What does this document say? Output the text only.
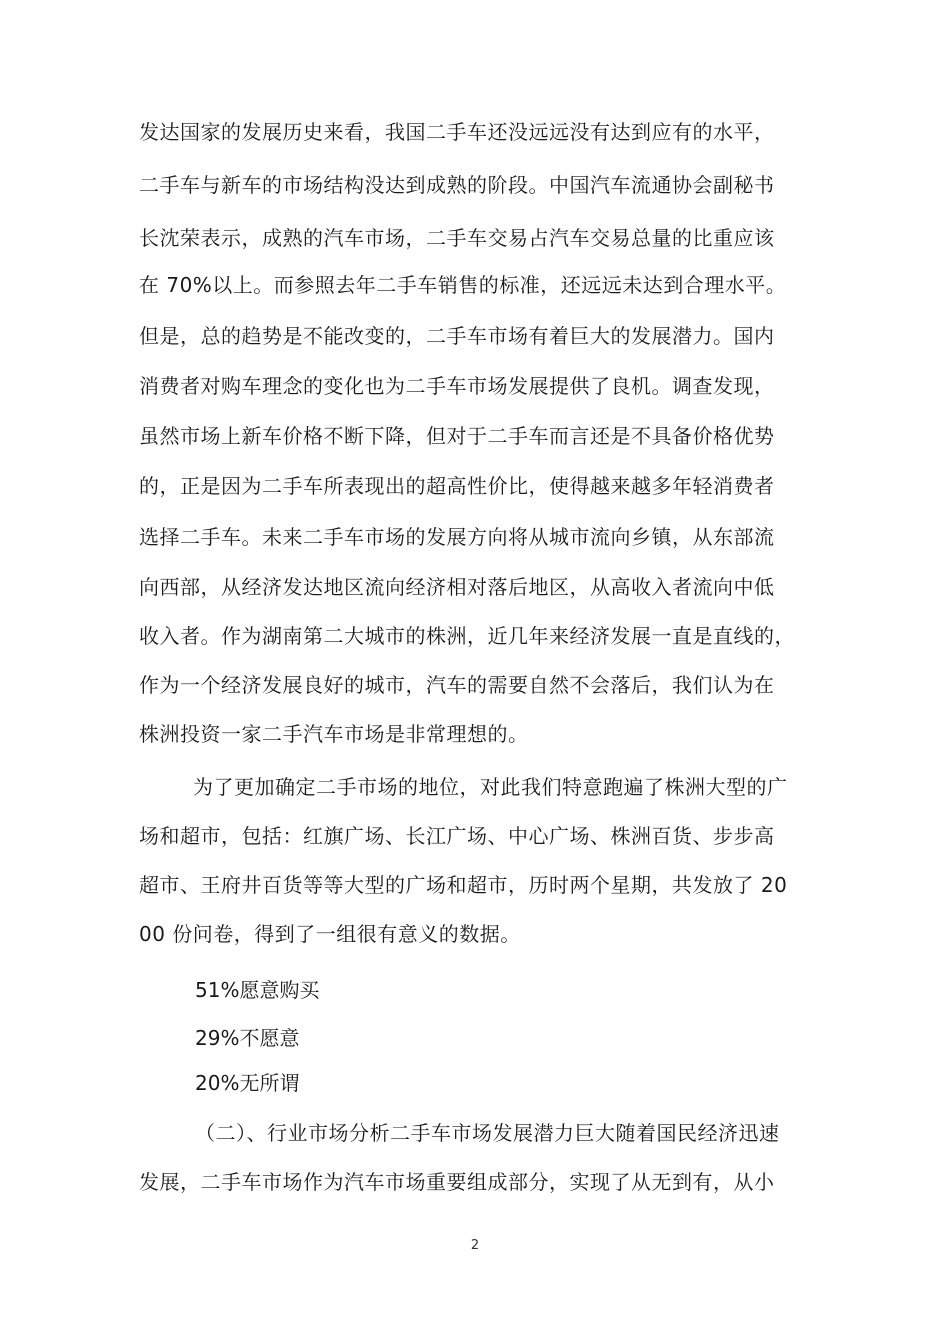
发达国家的发展历史来看，我国二手车还没远远没有达到应有的水平，
二手车与新车的市场结构没达到成熟的阶段。中国汽车流通协会副秘书
长沈荣表示，成熟的汽车市场，二手车交易占汽车交易总量的比重应该
在 70%以上。而参照去年二手车销售的标准，还远远未达到合理水平。
但是，总的趋势是不能改变的，二手车市场有着巨大的发展潜力。国内
消费者对购车理念的变化也为二手车市场发展提供了良机。调查发现，
虽然市场上新车价格不断下降，但对于二手车而言还是不具备价格优势
的，正是因为二手车所表现出的超高性价比，使得越来越多年轻消费者
选择二手车。未来二手车市场的发展方向将从城市流向乡镇，从东部流
向西部，从经济发达地区流向经济相对落后地区，从高收入者流向中低
收入者。作为湖南第二大城市的株洲，近几年来经济发展一直是直线的，
作为一个经济发展良好的城市，汽车的需要自然不会落后，我们认为在
株洲投资一家二手汽车市场是非常理想的。
为了更加确定二手市场的地位，对此我们特意跑遍了株洲大型的广
场和超市，包括：红旗广场、长江广场、中心广场、株洲百货、步步高
超市、王府井百货等等大型的广场和超市，历时两个星期，共发放了 20
00 份问卷，得到了一组很有意义的数据。
51%愿意购买
29%不愿意
20%无所谓
（二）、行业市场分析二手车市场发展潜力巨大随着国民经济迅速
发展，二手车市场作为汽车市场重要组成部分，实现了从无到有，从小
2
